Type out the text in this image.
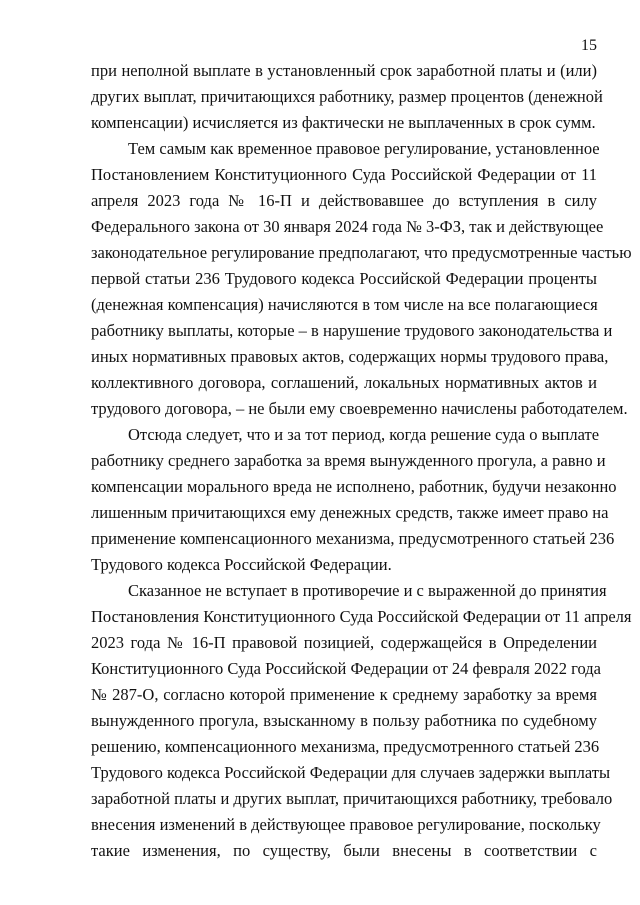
15
при неполной выплате в установленный срок заработной платы и (или)
других выплат, причитающихся работнику, размер процентов (денежной
компенсации) исчисляется из фактически не выплаченных в срок сумм.
Тем самым как временное правовое регулирование, установленное
Постановлением Конституционного Суда Российской Федерации от 11
апреля 2023 года № 16-П и действовавшее до вступления в силу
Федерального закона от 30 января 2024 года № 3-ФЗ, так и действующее
законодательное регулирование предполагают, что предусмотренные частью
первой статьи 236 Трудового кодекса Российской Федерации проценты
(денежная компенсация) начисляются в том числе на все полагающиеся
работнику выплаты, которые – в нарушение трудового законодательства и
иных нормативных правовых актов, содержащих нормы трудового права,
коллективного договора, соглашений, локальных нормативных актов и
трудового договора, – не были ему своевременно начислены работодателем.
Отсюда следует, что и за тот период, когда решение суда о выплате
работнику среднего заработка за время вынужденного прогула, а равно и
компенсации морального вреда не исполнено, работник, будучи незаконно
лишенным причитающихся ему денежных средств, также имеет право на
применение компенсационного механизма, предусмотренного статьей 236
Трудового кодекса Российской Федерации.
Сказанное не вступает в противоречие и с выраженной до принятия
Постановления Конституционного Суда Российской Федерации от 11 апреля
2023 года № 16-П правовой позицией, содержащейся в Определении
Конституционного Суда Российской Федерации от 24 февраля 2022 года
№ 287-О, согласно которой применение к среднему заработку за время
вынужденного прогула, взысканному в пользу работника по судебному
решению, компенсационного механизма, предусмотренного статьей 236
Трудового кодекса Российской Федерации для случаев задержки выплаты
заработной платы и других выплат, причитающихся работнику, требовало
внесения изменений в действующее правовое регулирование, поскольку
такие изменения, по существу, были внесены в соответствии с
